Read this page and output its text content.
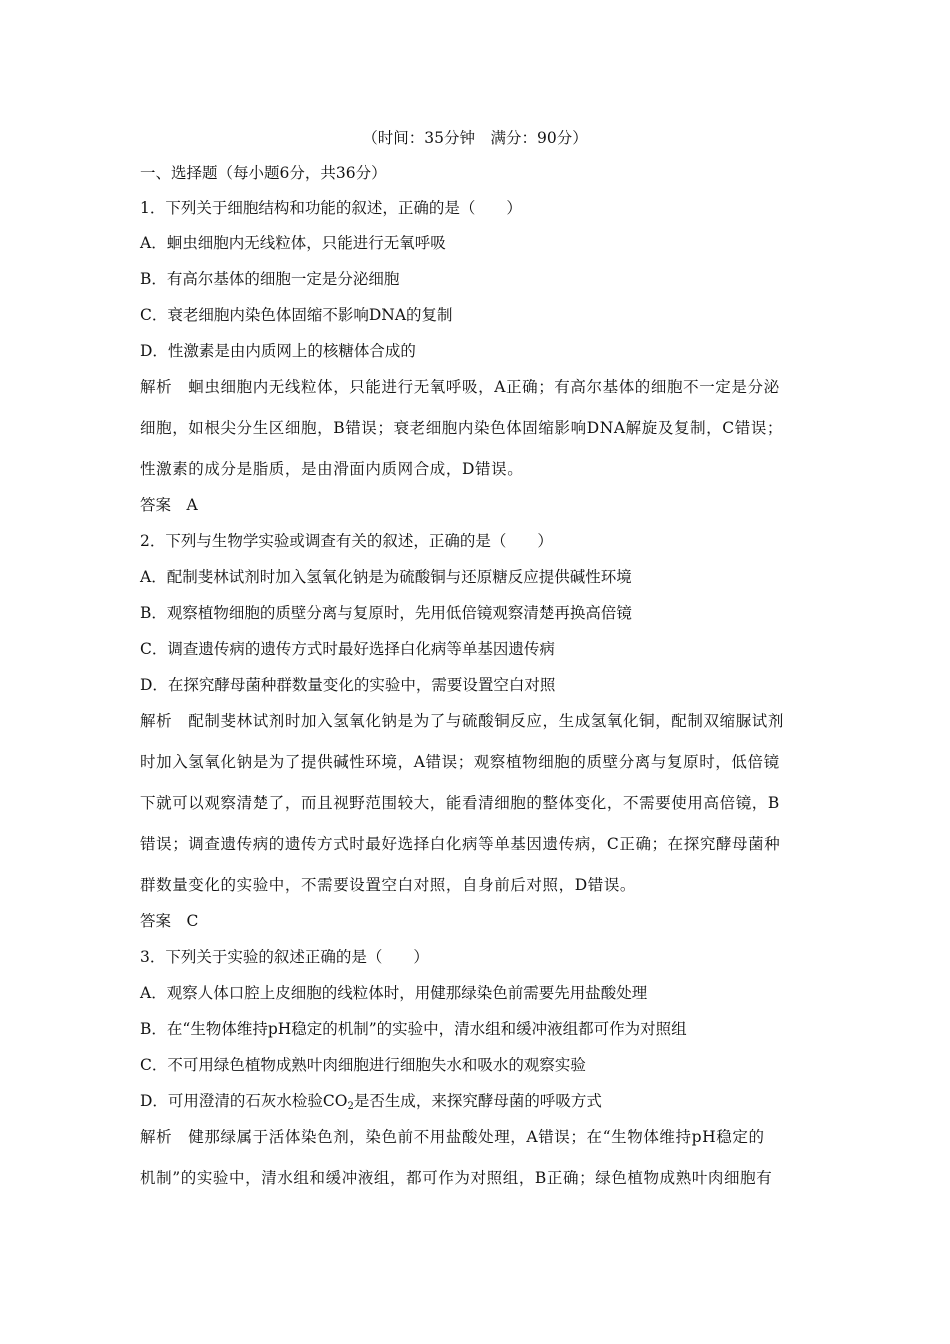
（时间：35分钟　满分：90分）
一、选择题（每小题6分，共36分）
1．下列关于细胞结构和功能的叙述，正确的是（　　）
A．蛔虫细胞内无线粒体，只能进行无氧呼吸
B．有高尔基体的细胞一定是分泌细胞
C．衰老细胞内染色体固缩不影响DNA的复制
D．性激素是由内质网上的核糖体合成的
解析　蛔虫细胞内无线粒体，只能进行无氧呼吸，A正确；有高尔基体的细胞不一定是分泌
细胞，如根尖分生区细胞，B错误；衰老细胞内染色体固缩影响DNA解旋及复制，C错误；
性激素的成分是脂质，是由滑面内质网合成，D错误。
答案　A
2．下列与生物学实验或调查有关的叙述，正确的是（　　）
A．配制斐林试剂时加入氢氧化钠是为硫酸铜与还原糖反应提供碱性环境
B．观察植物细胞的质壁分离与复原时，先用低倍镜观察清楚再换高倍镜
C．调查遗传病的遗传方式时最好选择白化病等单基因遗传病
D．在探究酵母菌种群数量变化的实验中，需要设置空白对照
解析　配制斐林试剂时加入氢氧化钠是为了与硫酸铜反应，生成氢氧化铜，配制双缩脲试剂
时加入氢氧化钠是为了提供碱性环境，A错误；观察植物细胞的质壁分离与复原时，低倍镜
下就可以观察清楚了，而且视野范围较大，能看清细胞的整体变化，不需要使用高倍镜，B
错误；调查遗传病的遗传方式时最好选择白化病等单基因遗传病，C正确；在探究酵母菌种
群数量变化的实验中，不需要设置空白对照，自身前后对照，D错误。
答案　C
3．下列关于实验的叙述正确的是（　　）
A．观察人体口腔上皮细胞的线粒体时，用健那绿染色前需要先用盐酸处理
B．在“生物体维持pH稳定的机制”的实验中，清水组和缓冲液组都可作为对照组
C．不可用绿色植物成熟叶肉细胞进行细胞失水和吸水的观察实验
D．可用澄清的石灰水检验$CO_2$是否生成，来探究酵母菌的呼吸方式
解析　健那绿属于活体染色剂，染色前不用盐酸处理，A错误；在“生物体维持pH稳定的
机制”的实验中，清水组和缓冲液组，都可作为对照组，B正确；绿色植物成熟叶肉细胞有
